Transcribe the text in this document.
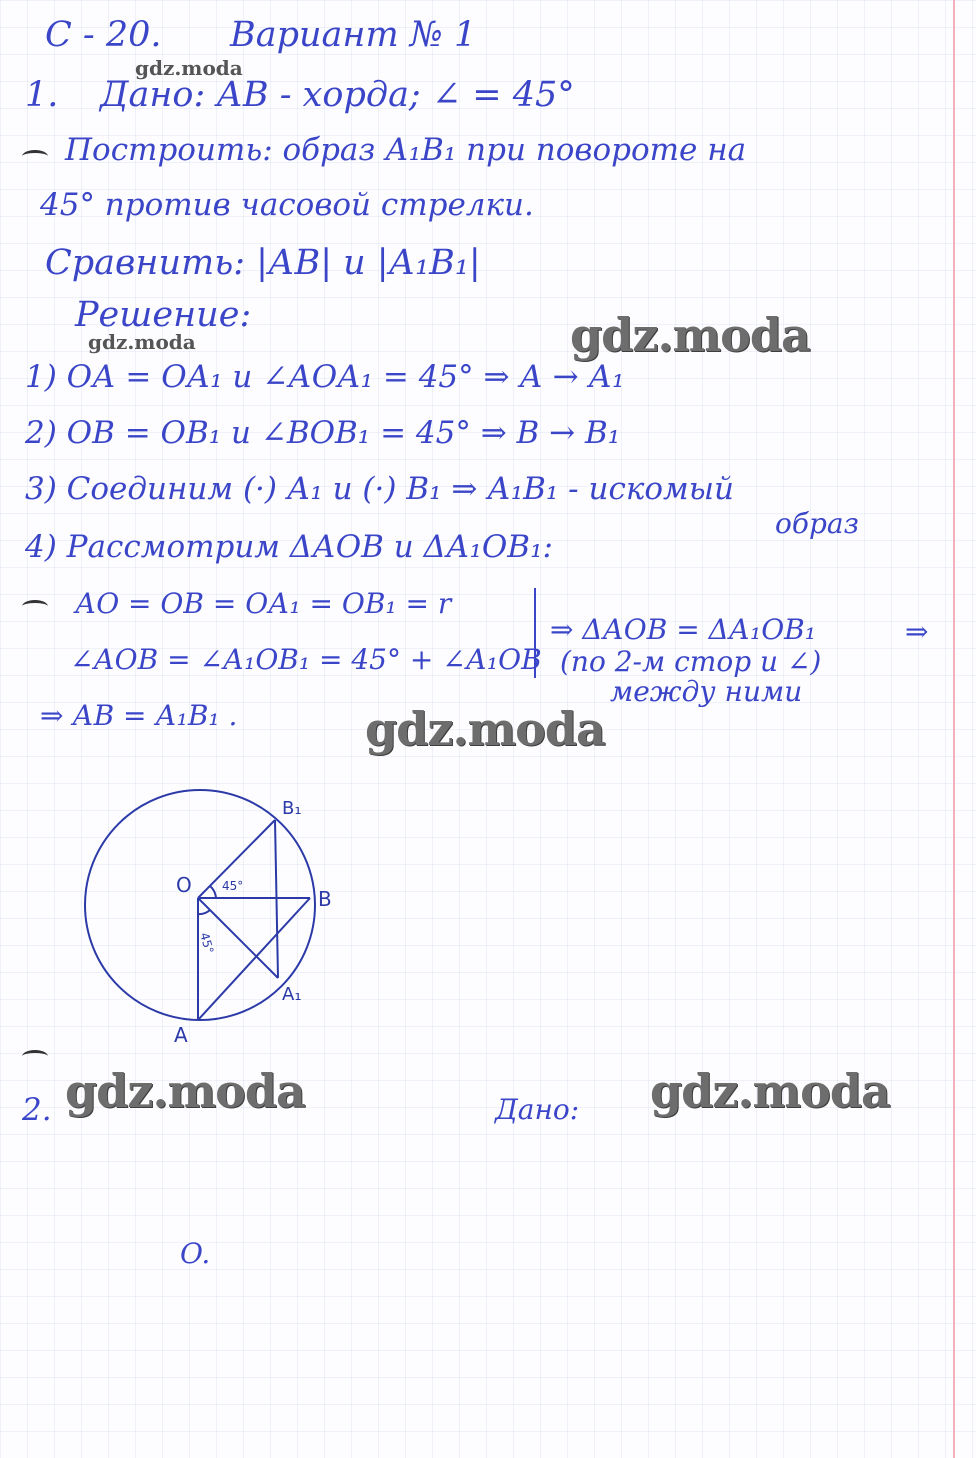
С - 20. Вариант № 1
1. Дано: АВ - хорда; ∠ = 45°
Построить: образ А₁В₁ при повороте на
45° против часовой стрелки.
Сравнить: |АВ| и |А₁В₁|
Решение:
1) ОА = ОА₁ и ∠АОА₁ = 45° ⇒ А → А₁
2) ОВ = ОВ₁ и ∠ВОВ₁ = 45° ⇒ В → В₁
3) Соединим (·) А₁ и (·) В₁ ⇒ А₁В₁ - искомый
образ
4) Рассмотрим ΔАОВ и ΔА₁ОВ₁:
АО = ОВ = ОА₁ = ОВ₁ = r
∠АОВ = ∠А₁ОВ₁ = 45° + ∠А₁ОВ
⇒ ΔАОВ = ΔА₁ОВ₁	⇒
(по 2-м стор и ∠)
между ними
⇒ АВ = А₁В₁ .
O
B
B₁
A
A₁
45°
45°
2.	Дано:
O.
gdz.moda
gdz.moda	gdz.moda
gdz.moda
gdz.moda	gdz.moda
